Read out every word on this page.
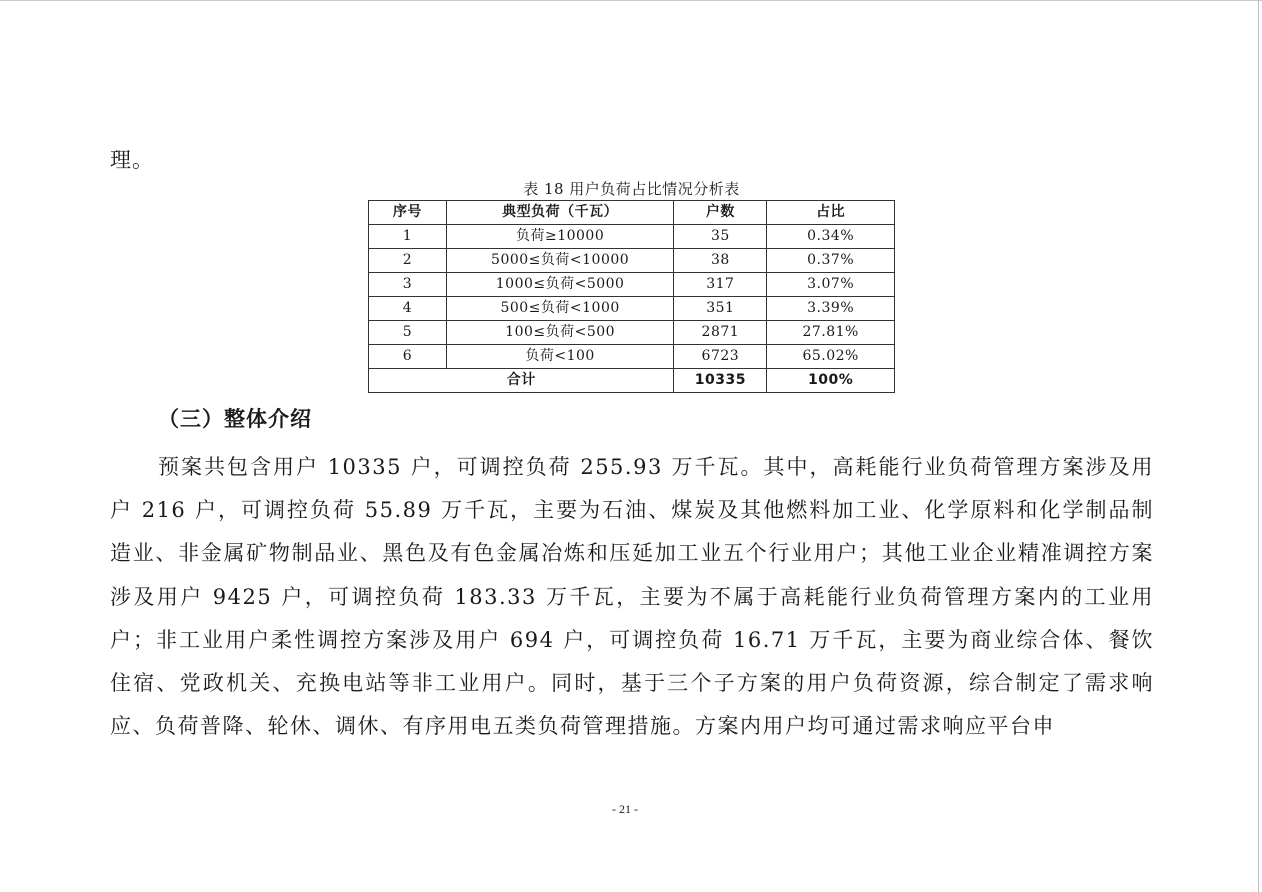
理。
表 18 用户负荷占比情况分析表
序号	典型负荷（千瓦）	户数	占比
1	负荷≥10000	35	0.34%
2	5000≤负荷<10000	38	0.37%
3	1000≤负荷<5000	317	3.07%
4	500≤负荷<1000	351	3.39%
5	100≤负荷<500	2871	27.81%
6	负荷<100	6723	65.02%
合计		10335	100%
（三）整体介绍

预案共包含用户 10335 户，可调控负荷 255.93 万千瓦。其中，高耗能行业负荷管理方案涉及用户 216 户，可调控负荷 55.89 万千瓦，主要为石油、煤炭及其他燃料加工业、化学原料和化学制品制造业、非金属矿物制品业、黑色及有色金属冶炼和压延加工业五个行业用户；其他工业企业精准调控方案涉及用户 9425 户，可调控负荷 183.33 万千瓦，主要为不属于高耗能行业负荷管理方案内的工业用户；非工业用户柔性调控方案涉及用户 694 户，可调控负荷 16.71 万千瓦，主要为商业综合体、餐饮住宿、党政机关、充换电站等非工业用户。同时，基于三个子方案的用户负荷资源，综合制定了需求响应、负荷普降、轮休、调休、有序用电五类负荷管理措施。方案内用户均可通过需求响应平台申

- 21 -
